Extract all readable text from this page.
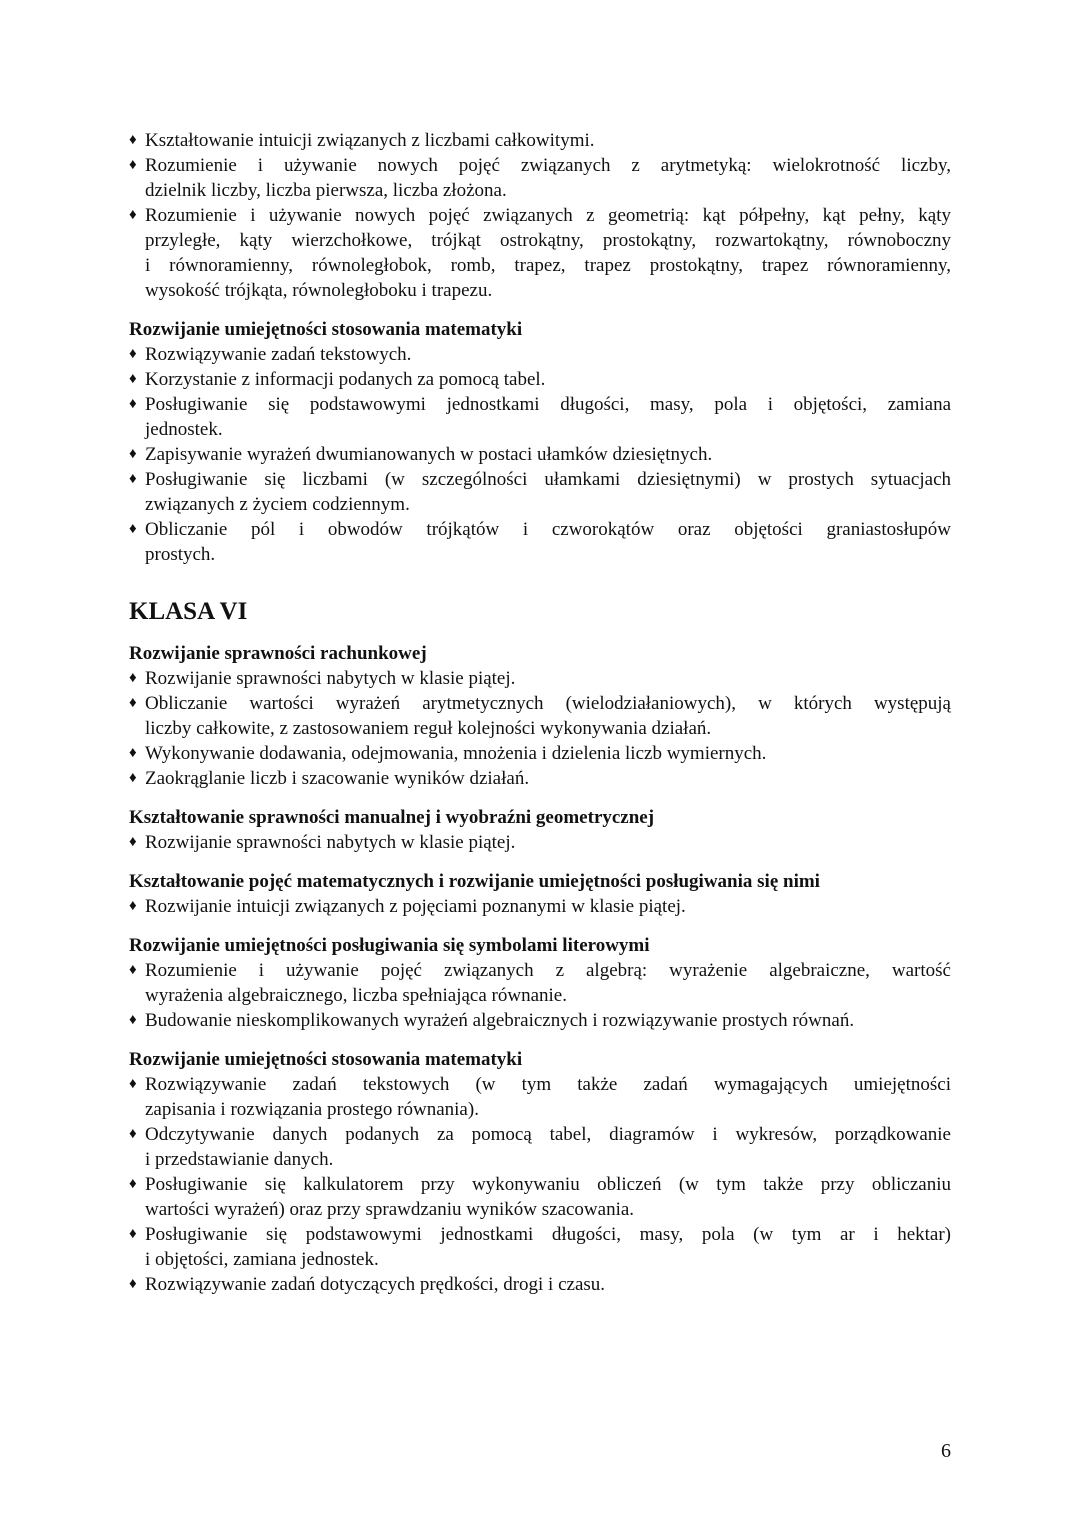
♦ Kształtowanie intuicji związanych z liczbami całkowitymi.
♦ Rozumienie i używanie nowych pojęć związanych z arytmetyką: wielokrotność liczby,
dzielnik liczby, liczba pierwsza, liczba złożona.
♦ Rozumienie i używanie nowych pojęć związanych z geometrią: kąt półpełny, kąt pełny, kąty
przyległe, kąty wierzchołkowe, trójkąt ostrokątny, prostokątny, rozwartokątny, równoboczny
i równoramienny, równoległobok, romb, trapez, trapez prostokątny, trapez równoramienny,
wysokość trójkąta, równoległoboku i trapezu.
Rozwijanie umiejętności stosowania matematyki
♦ Rozwiązywanie zadań tekstowych.
♦ Korzystanie z informacji podanych za pomocą tabel.
♦ Posługiwanie się podstawowymi jednostkami długości, masy, pola i objętości, zamiana
jednostek.
♦ Zapisywanie wyrażeń dwumianowanych w postaci ułamków dziesiętnych.
♦ Posługiwanie się liczbami (w szczególności ułamkami dziesiętnymi) w prostych sytuacjach
związanych z życiem codziennym.
♦ Obliczanie pól i obwodów trójkątów i czworokątów oraz objętości graniastosłupów
prostych.
KLASA VI
Rozwijanie sprawności rachunkowej
♦ Rozwijanie sprawności nabytych w klasie piątej.
♦ Obliczanie wartości wyrażeń arytmetycznych (wielodziałaniowych), w których występują
liczby całkowite, z zastosowaniem reguł kolejności wykonywania działań.
♦ Wykonywanie dodawania, odejmowania, mnożenia i dzielenia liczb wymiernych.
♦ Zaokrąglanie liczb i szacowanie wyników działań.
Kształtowanie sprawności manualnej i wyobraźni geometrycznej
♦ Rozwijanie sprawności nabytych w klasie piątej.
Kształtowanie pojęć matematycznych i rozwijanie umiejętności posługiwania się nimi
♦ Rozwijanie intuicji związanych z pojęciami poznanymi w klasie piątej.
Rozwijanie umiejętności posługiwania się symbolami literowymi
♦ Rozumienie i używanie pojęć związanych z algebrą: wyrażenie algebraiczne, wartość
wyrażenia algebraicznego, liczba spełniająca równanie.
♦ Budowanie nieskomplikowanych wyrażeń algebraicznych i rozwiązywanie prostych równań.
Rozwijanie umiejętności stosowania matematyki
♦ Rozwiązywanie zadań tekstowych (w tym także zadań wymagających umiejętności
zapisania i rozwiązania prostego równania).
♦ Odczytywanie danych podanych za pomocą tabel, diagramów i wykresów, porządkowanie
i przedstawianie danych.
♦ Posługiwanie się kalkulatorem przy wykonywaniu obliczeń (w tym także przy obliczaniu
wartości wyrażeń) oraz przy sprawdzaniu wyników szacowania.
♦ Posługiwanie się podstawowymi jednostkami długości, masy, pola (w tym ar i hektar)
i objętości, zamiana jednostek.
♦ Rozwiązywanie zadań dotyczących prędkości, drogi i czasu.
6
